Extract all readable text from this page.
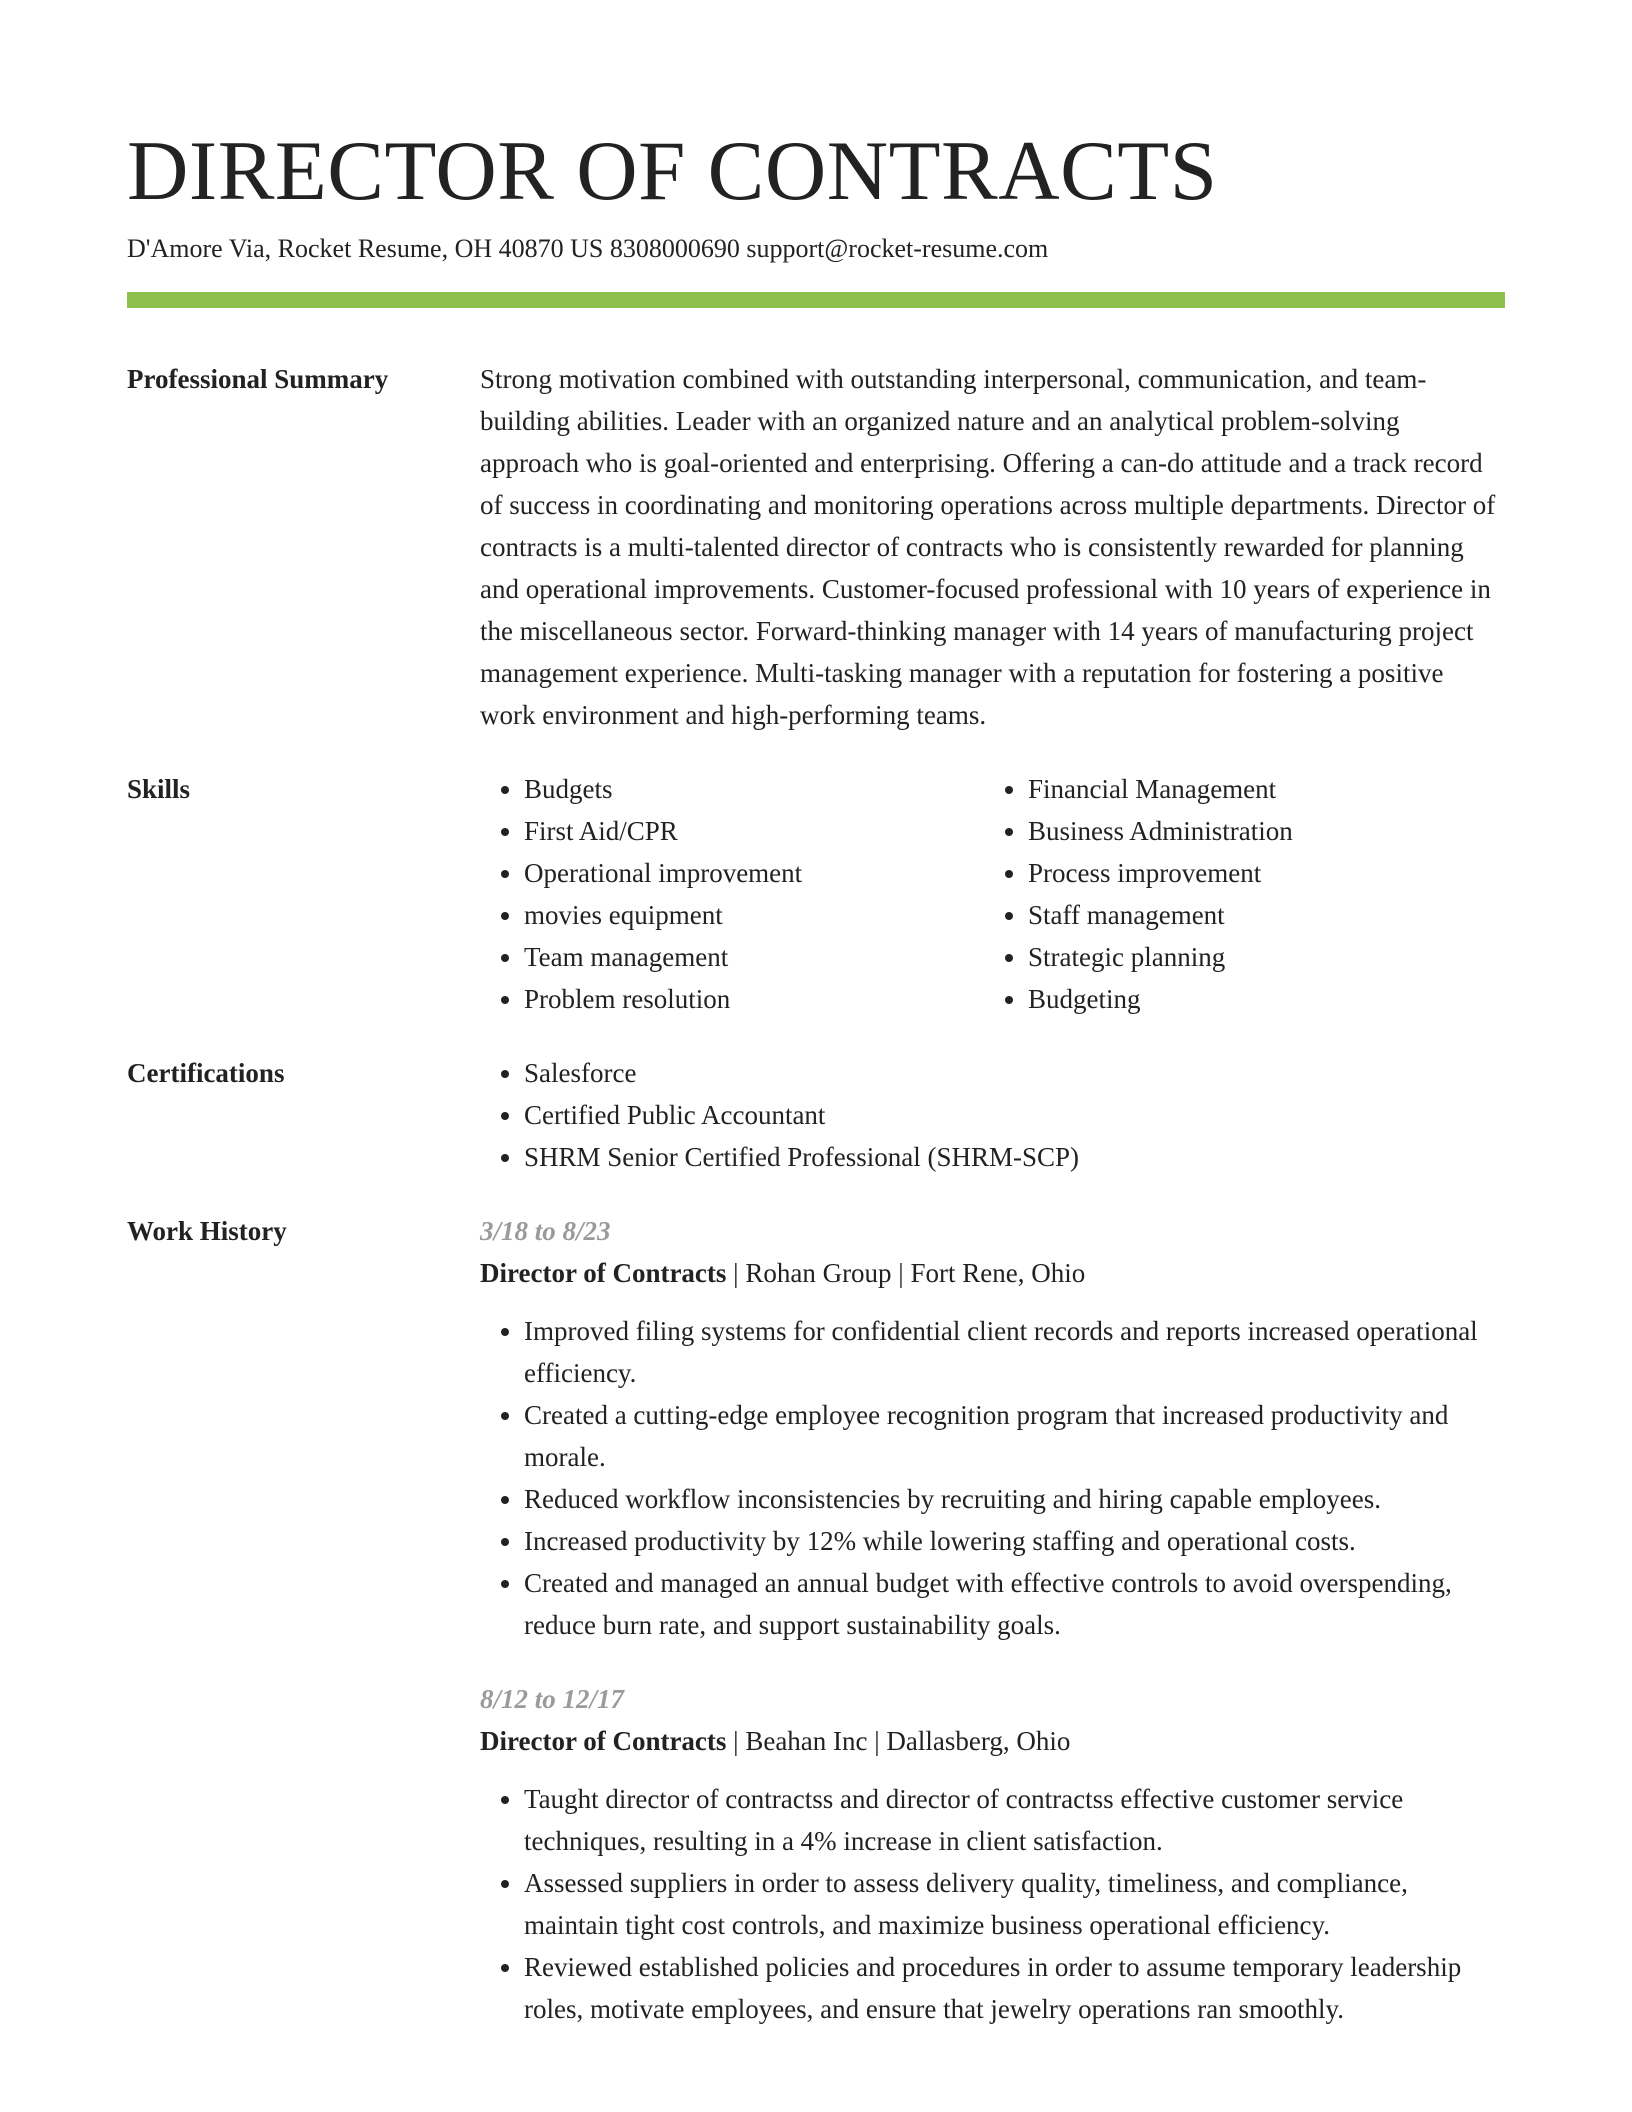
DIRECTOR OF CONTRACTS
D'Amore Via, Rocket Resume, OH 40870 US 8308000690 support@rocket-resume.com
Professional Summary	Strong motivation combined with outstanding interpersonal, communication, and team-building abilities. Leader with an organized nature and an analytical problem-solving approach who is goal-oriented and enterprising. Offering a can-do attitude and a track record of success in coordinating and monitoring operations across multiple departments. Director of contracts is a multi-talented director of contracts who is consistently rewarded for planning and operational improvements. Customer-focused professional with 10 years of experience in the miscellaneous sector. Forward-thinking manager with 14 years of manufacturing project management experience. Multi-tasking manager with a reputation for fostering a positive work environment and high-performing teams.

Skills	• Budgets
• First Aid/CPR
• Operational improvement
• movies equipment
• Team management
• Problem resolution
• Financial Management
• Business Administration
• Process improvement
• Staff management
• Strategic planning
• Budgeting
Certifications	• Salesforce
• Certified Public Accountant
• SHRM Senior Certified Professional (SHRM-SCP)
Work History	3/18 to 8/23
Director of Contracts | Rohan Group | Fort Rene, Ohio
• Improved filing systems for confidential client records and reports increased operational efficiency.
• Created a cutting-edge employee recognition program that increased productivity and morale.
• Reduced workflow inconsistencies by recruiting and hiring capable employees.
• Increased productivity by 12% while lowering staffing and operational costs.
• Created and managed an annual budget with effective controls to avoid overspending, reduce burn rate, and support sustainability goals.
8/12 to 12/17
Director of Contracts | Beahan Inc | Dallasberg, Ohio
• Taught director of contractss and director of contractss effective customer service techniques, resulting in a 4% increase in client satisfaction.
• Assessed suppliers in order to assess delivery quality, timeliness, and compliance, maintain tight cost controls, and maximize business operational efficiency.
• Reviewed established policies and procedures in order to assume temporary leadership roles, motivate employees, and ensure that jewelry operations ran smoothly.
